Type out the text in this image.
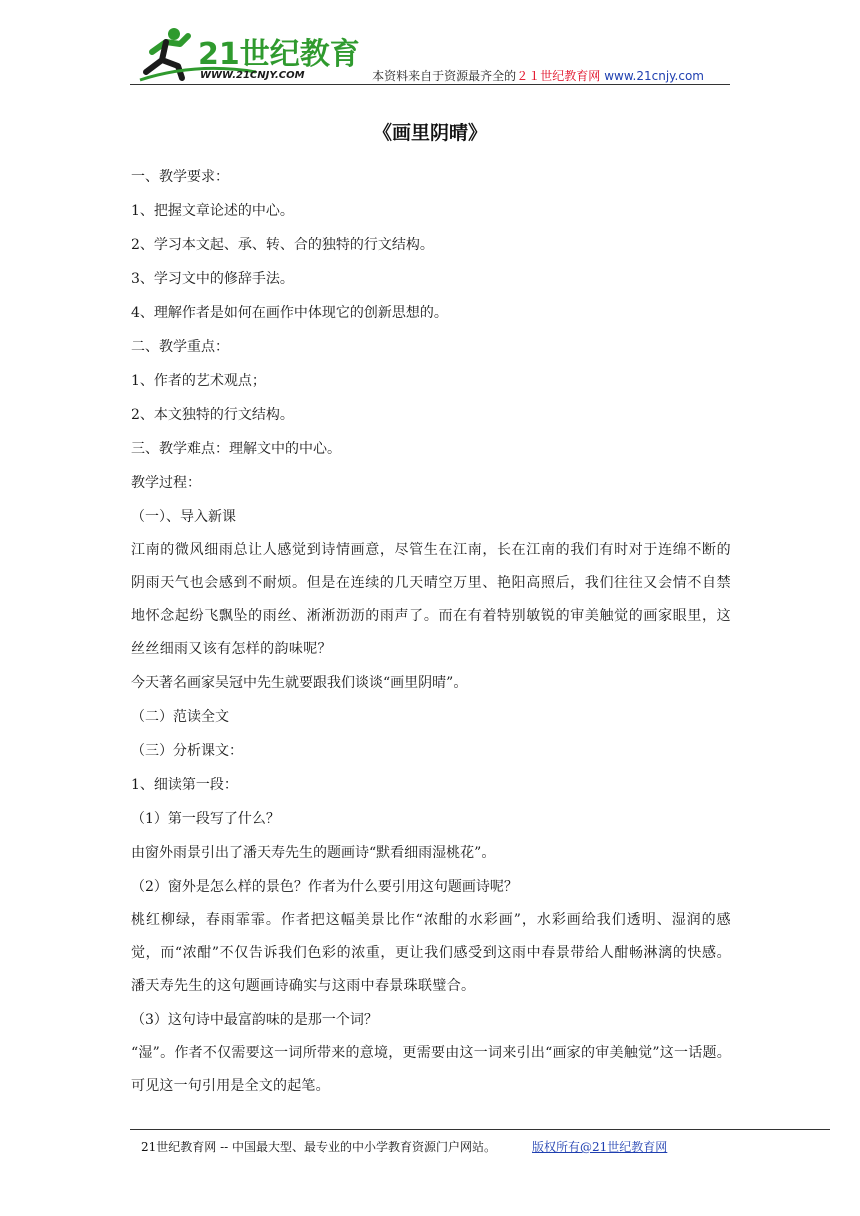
21世纪教育
WWW.21CNJY.COM	本资料来自于资源最齐全的２１世纪教育网 www.21cnjy.com
《画里阴晴》
一、教学要求：
1、把握文章论述的中心。
2、学习本文起、承、转、合的独特的行文结构。
3、学习文中的修辞手法。
4、理解作者是如何在画作中体现它的创新思想的。
二、教学重点：
1、作者的艺术观点；
2、本文独特的行文结构。
三、教学难点：理解文中的中心。
教学过程：
（一）、导入新课
江南的微风细雨总让人感觉到诗情画意，尽管生在江南，长在江南的我们有时对于连绵不断的阴雨天气也会感到不耐烦。但是在连续的几天晴空万里、艳阳高照后，我们往往又会情不自禁地怀念起纷飞飘坠的雨丝、淅淅沥沥的雨声了。而在有着特别敏锐的审美触觉的画家眼里，这丝丝细雨又该有怎样的韵味呢？
今天著名画家吴冠中先生就要跟我们谈谈“画里阴晴”。
（二）范读全文
（三）分析课文：
1、细读第一段：
（1）第一段写了什么？
由窗外雨景引出了潘天寿先生的题画诗“默看细雨湿桃花”。
（2）窗外是怎么样的景色？作者为什么要引用这句题画诗呢？
桃红柳绿，春雨霏霏。作者把这幅美景比作“浓酣的水彩画”，水彩画给我们透明、湿润的感觉，而“浓酣”不仅告诉我们色彩的浓重，更让我们感受到这雨中春景带给人酣畅淋漓的快感。潘天寿先生的这句题画诗确实与这雨中春景珠联璧合。
（3）这句诗中最富韵味的是那一个词？
“湿”。作者不仅需要这一词所带来的意境，更需要由这一词来引出“画家的审美触觉”这一话题。可见这一句引用是全文的起笔。
21世纪教育网 -- 中国最大型、最专业的中小学教育资源门户网站。	版权所有@21世纪教育网
